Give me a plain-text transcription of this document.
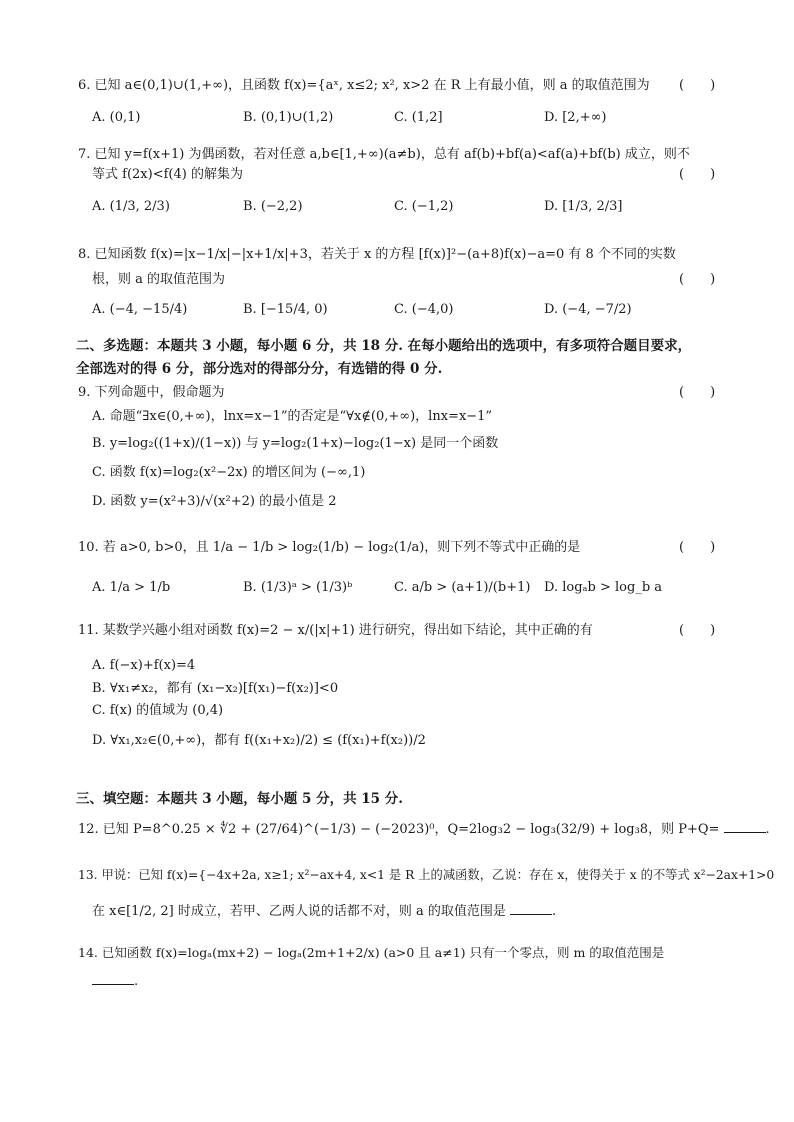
6. 已知 a∈(0,1)∪(1,+∞)，且函数 f(x)={aˣ, x≤2; x², x>2 在 R 上有最小值，则 a 的取值范围为	(　　)
A. (0,1)	B. (0,1)∪(1,2)	C. (1,2]	D. [2,+∞)
7. 已知 y=f(x+1) 为偶函数，若对任意 a,b∈[1,+∞)(a≠b)，总有 af(b)+bf(a)<af(a)+bf(b) 成立，则不
等式 f(2x)<f(4) 的解集为	(　　)
A. (1/3, 2/3)	B. (−2,2)	C. (−1,2)	D. [1/3, 2/3]
8. 已知函数 f(x)=|x−1/x|−|x+1/x|+3，若关于 x 的方程 [f(x)]²−(a+8)f(x)−a=0 有 8 个不同的实数
根，则 a 的取值范围为	(　　)
A. (−4, −15/4)	B. [−15/4, 0)	C. (−4,0)	D. (−4, −7/2)
二、多选题：本题共 3 小题，每小题 6 分，共 18 分. 在每小题给出的选项中，有多项符合题目要求，
全部选对的得 6 分，部分选对的得部分分，有选错的得 0 分.
9. 下列命题中，假命题为	(　　)
A. 命题“∃x∈(0,+∞)，lnx=x−1”的否定是“∀x∉(0,+∞)，lnx=x−1”
B. y=log₂((1+x)/(1−x)) 与 y=log₂(1+x)−log₂(1−x) 是同一个函数
C. 函数 f(x)=log₂(x²−2x) 的增区间为 (−∞,1)
D. 函数 y=(x²+3)/√(x²+2) 的最小值是 2
10. 若 a>0, b>0，且 1/a − 1/b > log₂(1/b) − log₂(1/a)，则下列不等式中正确的是	(　　)
A. 1/a > 1/b	B. (1/3)ᵃ > (1/3)ᵇ	C. a/b > (a+1)/(b+1) D. logₐb > log_b a
11. 某数学兴趣小组对函数 f(x)=2 − x/(|x|+1) 进行研究，得出如下结论，其中正确的有	(　　)
A. f(−x)+f(x)=4
B. ∀x₁≠x₂，都有 (x₁−x₂)[f(x₁)−f(x₂)]<0
C. f(x) 的值域为 (0,4)
D. ∀x₁,x₂∈(0,+∞)，都有 f((x₁+x₂)/2) ≤ (f(x₁)+f(x₂))/2
三、填空题：本题共 3 小题，每小题 5 分，共 15 分.
12. 已知 P=8^0.25 × ∜2 + (27/64)^(−1/3) − (−2023)⁰，Q=2log₃2 − log₃(32/9) + log₃8，则 P+Q=	.
13. 甲说：已知 f(x)={−4x+2a, x≥1; x²−ax+4, x<1 是 R 上的减函数，乙说：存在 x，使得关于 x 的不等式 x²−2ax+1>0
在 x∈[1/2, 2] 时成立，若甲、乙两人说的话都不对，则 a 的取值范围是	.
14. 已知函数 f(x)=logₐ(mx+2) − logₐ(2m+1+2/x) (a>0 且 a≠1) 只有一个零点，则 m 的取值范围是
.
